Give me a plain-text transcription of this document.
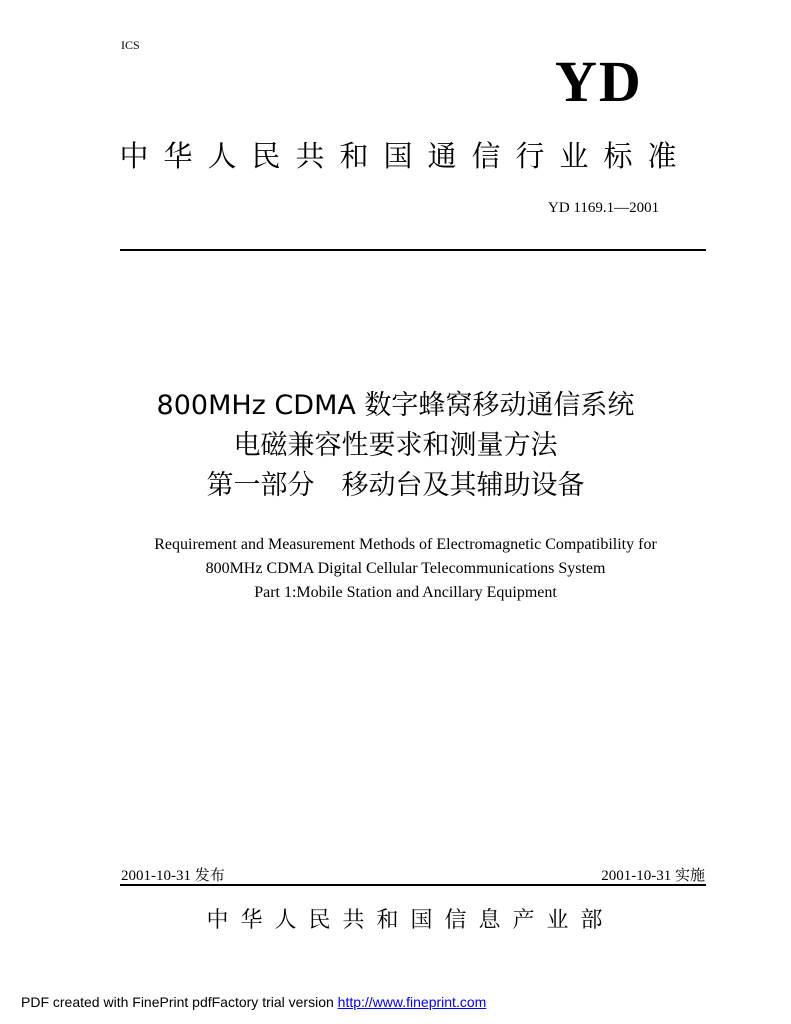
ICS
YD
中华人民共和国通信行业标准
YD 1169.1—2001
800MHz CDMA 数字蜂窝移动通信系统
电磁兼容性要求和测量方法
第一部分　移动台及其辅助设备
Requirement and Measurement Methods of Electromagnetic Compatibility for
800MHz CDMA Digital Cellular Telecommunications System
Part 1:Mobile Station and Ancillary Equipment
2001-10-31 发布	2001-10-31 实施
中华人民共和国信息产业部
PDF created with FinePrint pdfFactory trial version http://www.fineprint.com
